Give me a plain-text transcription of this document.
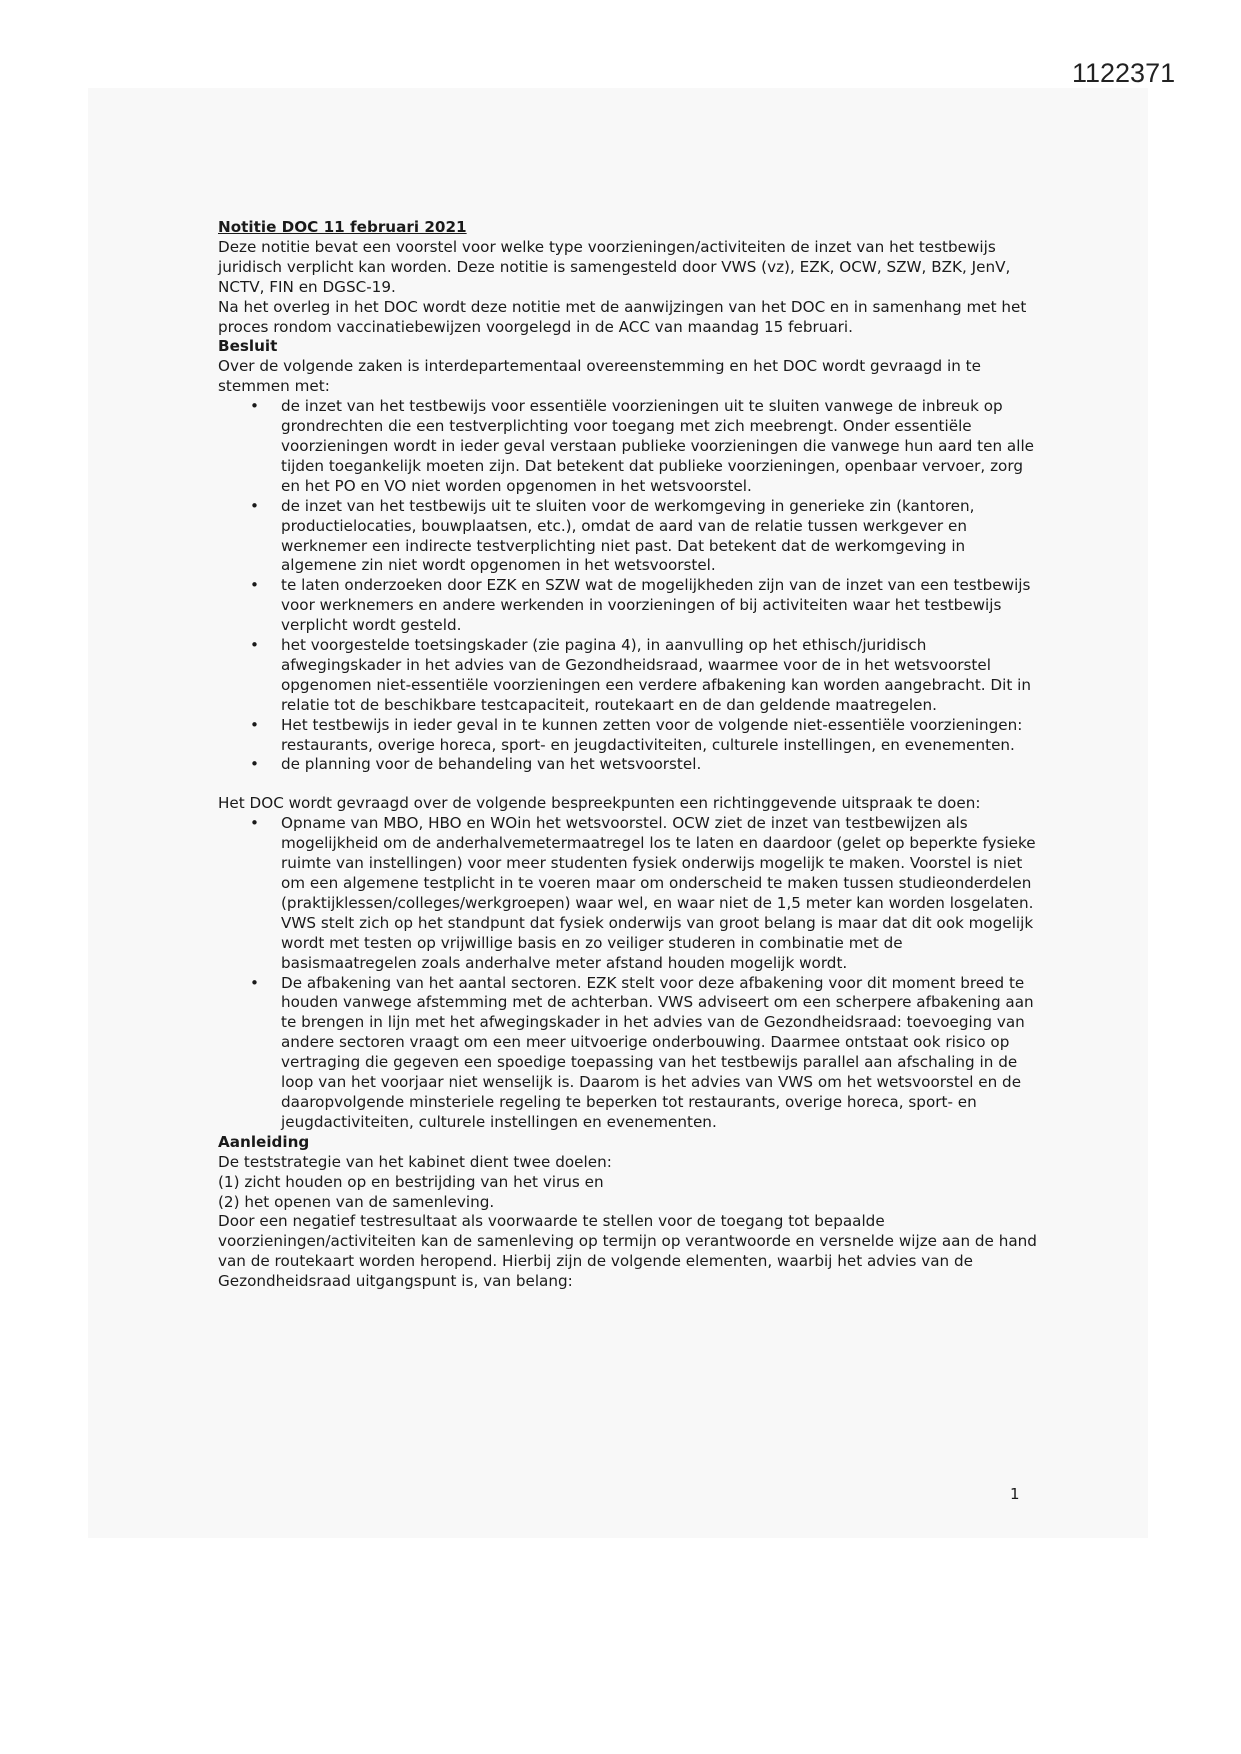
1122371

Notitie DOC 11 februari 2021

Deze notitie bevat een voorstel voor welke type voorzieningen/activiteiten de inzet van het testbewijs juridisch verplicht kan worden. Deze notitie is samengesteld door VWS (vz), EZK, OCW, SZW, BZK, JenV, NCTV, FIN en DGSC-19.

Na het overleg in het DOC wordt deze notitie met de aanwijzingen van het DOC en in samenhang met het proces rondom vaccinatiebewijzen voorgelegd in de ACC van maandag 15 februari.

Besluit

Over de volgende zaken is interdepartementaal overeenstemming en het DOC wordt gevraagd in te stemmen met:

• de inzet van het testbewijs voor essentiële voorzieningen uit te sluiten vanwege de inbreuk op grondrechten die een testverplichting voor toegang met zich meebrengt. Onder essentiële voorzieningen wordt in ieder geval verstaan publieke voorzieningen die vanwege hun aard ten alle tijden toegankelijk moeten zijn. Dat betekent dat publieke voorzieningen, openbaar vervoer, zorg en het PO en VO niet worden opgenomen in het wetsvoorstel.
• de inzet van het testbewijs uit te sluiten voor de werkomgeving in generieke zin (kantoren, productielocaties, bouwplaatsen, etc.), omdat de aard van de relatie tussen werkgever en werknemer een indirecte testverplichting niet past. Dat betekent dat de werkomgeving in algemene zin niet wordt opgenomen in het wetsvoorstel.
• te laten onderzoeken door EZK en SZW wat de mogelijkheden zijn van de inzet van een testbewijs voor werknemers en andere werkenden in voorzieningen of bij activiteiten waar het testbewijs verplicht wordt gesteld.
• het voorgestelde toetsingskader (zie pagina 4), in aanvulling op het ethisch/juridisch afwegingskader in het advies van de Gezondheidsraad, waarmee voor de in het wetsvoorstel opgenomen niet-essentiële voorzieningen een verdere afbakening kan worden aangebracht. Dit in relatie tot de beschikbare testcapaciteit, routekaart en de dan geldende maatregelen.
• Het testbewijs in ieder geval in te kunnen zetten voor de volgende niet-essentiële voorzieningen: restaurants, overige horeca, sport- en jeugdactiviteiten, culturele instellingen, en evenementen.
• de planning voor de behandeling van het wetsvoorstel.

Het DOC wordt gevraagd over de volgende bespreekpunten een richtinggevende uitspraak te doen:

• Opname van MBO, HBO en WOin het wetsvoorstel. OCW ziet de inzet van testbewijzen als mogelijkheid om de anderhalvemetermaatregel los te laten en daardoor (gelet op beperkte fysieke ruimte van instellingen) voor meer studenten fysiek onderwijs mogelijk te maken. Voorstel is niet om een algemene testplicht in te voeren maar om onderscheid te maken tussen studieonderdelen (praktijklessen/colleges/werkgroepen) waar wel, en waar niet de 1,5 meter kan worden losgelaten. VWS stelt zich op het standpunt dat fysiek onderwijs van groot belang is maar dat dit ook mogelijk wordt met testen op vrijwillige basis en zo veiliger studeren in combinatie met de basismaatregelen zoals anderhalve meter afstand houden mogelijk wordt.
• De afbakening van het aantal sectoren. EZK stelt voor deze afbakening voor dit moment breed te houden vanwege afstemming met de achterban. VWS adviseert om een scherpere afbakening aan te brengen in lijn met het afwegingskader in het advies van de Gezondheidsraad: toevoeging van andere sectoren vraagt om een meer uitvoerige onderbouwing. Daarmee ontstaat ook risico op vertraging die gegeven een spoedige toepassing van het testbewijs parallel aan afschaling in de loop van het voorjaar niet wenselijk is. Daarom is het advies van VWS om het wetsvoorstel en de daaropvolgende minsteriele regeling te beperken tot restaurants, overige horeca, sport- en jeugdactiviteiten, culturele instellingen en evenementen.

Aanleiding

De teststrategie van het kabinet dient twee doelen:

(1) zicht houden op en bestrijding van het virus en

(2) het openen van de samenleving.

Door een negatief testresultaat als voorwaarde te stellen voor de toegang tot bepaalde voorzieningen/activiteiten kan de samenleving op termijn op verantwoorde en versnelde wijze aan de hand van de routekaart worden heropend. Hierbij zijn de volgende elementen, waarbij het advies van de Gezondheidsraad uitgangspunt is, van belang:

1
